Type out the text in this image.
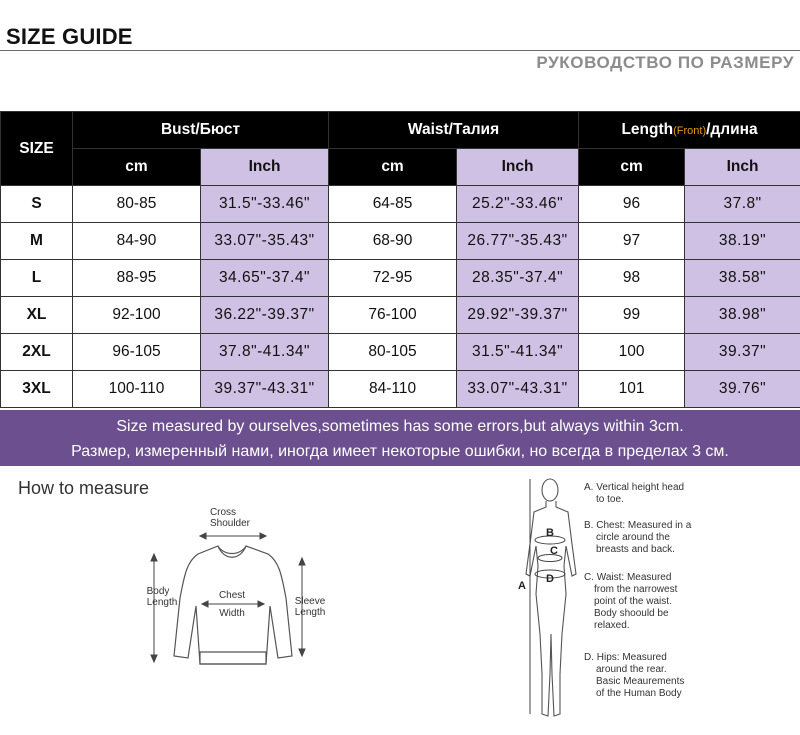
SIZE GUIDE
РУКОВОДСТВО ПО РАЗМЕРУ
SIZE	Bust/Бюст		Waist/Талия		Length(Front)/длина	
	cm	Inch	cm	Inch	cm	Inch
S	80-85	31.5"-33.46"	64-85	25.2"-33.46"	96	37.8"
M	84-90	33.07"-35.43"	68-90	26.77"-35.43"	97	38.19"
L	88-95	34.65"-37.4"	72-95	28.35"-37.4"	98	38.58"
XL	92-100	36.22"-39.37"	76-100	29.92"-39.37"	99	38.98"
2XL	96-105	37.8"-41.34"	80-105	31.5"-41.34"	100	39.37"
3XL	100-110	39.37"-43.31"	84-110	33.07"-43.31"	101	39.76"
Size measured by ourselves,sometimes has some errors,but always within 3cm.
Размер, измеренный нами, иногда имеет некоторые ошибки, но всегда в пределах 3 см.
How to measure
Cross
Shoulder
Body
Length
Chest
Width
Sleeve
Length
A
B
C
D
A. Vertical height head
to toe.
B. Chest: Measured in a
circle around the
breasts and back.
C. Waist: Measured
from the narrowest
point of the waist.
Body shoould be
relaxed.
D. Hips: Measured
around the rear.
Basic Meaurements
of the Human Body
